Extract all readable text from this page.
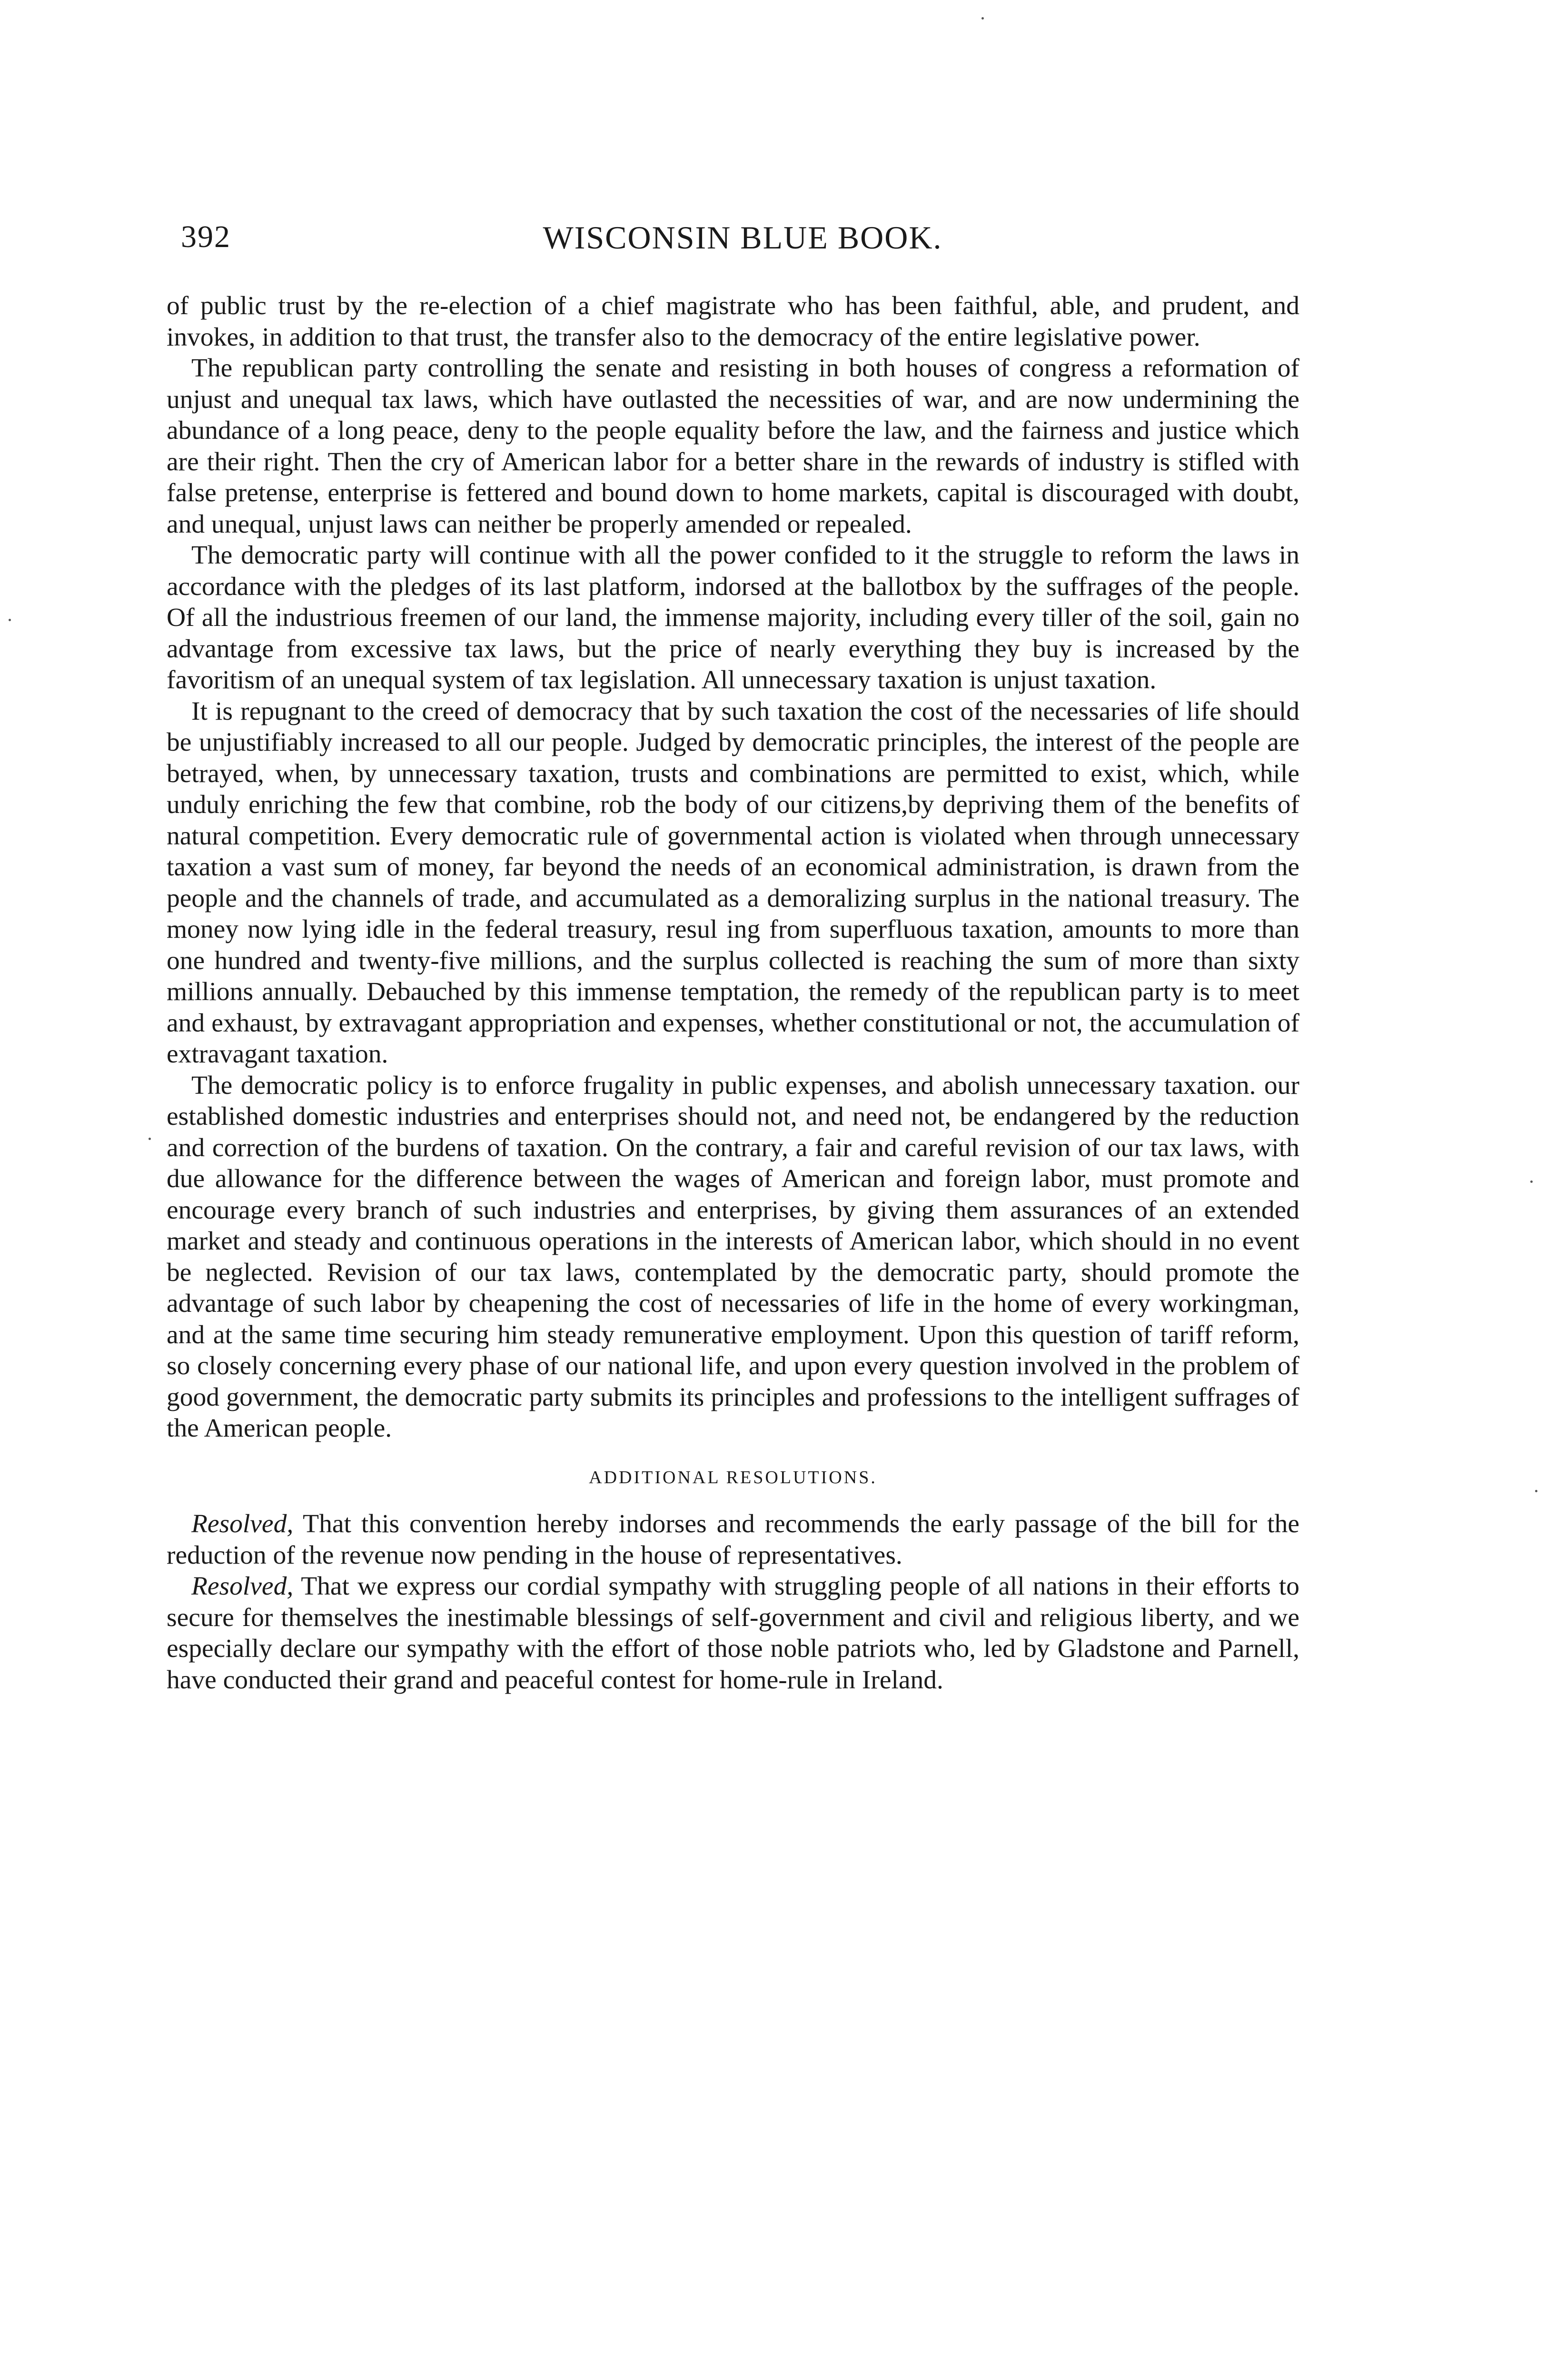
392	WISCONSIN BLUE BOOK.

of public trust by the re-election of a chief magistrate who has been faithful, able, and prudent, and invokes, in addition to that trust, the transfer also to the democracy of the entire legislative power.

The republican party controlling the senate and resisting in both houses of congress a reformation of unjust and unequal tax laws, which have outlasted the necessities of war, and are now undermining the abundance of a long peace, deny to the people equality before the law, and the fairness and justice which are their right. Then the cry of American labor for a better share in the rewards of industry is stifled with false pretense, enterprise is fettered and bound down to home markets, capital is discouraged with doubt, and unequal, unjust laws can neither be properly amended or repealed.

The democratic party will continue with all the power confided to it the struggle to reform the laws in accordance with the pledges of its last platform, indorsed at the ballotbox by the suffrages of the people. Of all the industrious freemen of our land, the immense majority, including every tiller of the soil, gain no advantage from excessive tax laws, but the price of nearly everything they buy is increased by the favoritism of an unequal system of tax legislation. All unnecessary taxation is unjust taxation.

It is repugnant to the creed of democracy that by such taxation the cost of the necessaries of life should be unjustifiably increased to all our people. Judged by democratic principles, the interest of the people are betrayed, when, by unnecessary taxation, trusts and combinations are permitted to exist, which, while unduly enriching the few that combine, rob the body of our citizens,by depriving them of the benefits of natural competition. Every democratic rule of governmental action is violated when through unnecessary taxation a vast sum of money, far beyond the needs of an economical administration, is drawn from the people and the channels of trade, and accumulated as a demoralizing surplus in the national treasury. The money now lying idle in the federal treasury, resul ing from superfluous taxation, amounts to more than one hundred and twenty-five millions, and the surplus collected is reaching the sum of more than sixty millions annually. Debauched by this immense temptation, the remedy of the republican party is to meet and exhaust, by extravagant appropriation and expenses, whether constitutional or not, the accumulation of extravagant taxation.

The democratic policy is to enforce frugality in public expenses, and abolish unnecessary taxation. our established domestic industries and enterprises should not, and need not, be endangered by the reduction and correction of the burdens of taxation. On the contrary, a fair and careful revision of our tax laws, with due allowance for the difference between the wages of American and foreign labor, must promote and encourage every branch of such industries and enterprises, by giving them assurances of an extended market and steady and continuous operations in the interests of American labor, which should in no event be neglected. Revision of our tax laws, contemplated by the democratic party, should promote the advantage of such labor by cheapening the cost of necessaries of life in the home of every workingman, and at the same time securing him steady remunerative employment. Upon this question of tariff reform, so closely concerning every phase of our national life, and upon every question involved in the problem of good government, the democratic party submits its principles and professions to the intelligent suffrages of the American people.

ADDITIONAL RESOLUTIONS.

Resolved, That this convention hereby indorses and recommends the early passage of the bill for the reduction of the revenue now pending in the house of representatives.

Resolved, That we express our cordial sympathy with struggling people of all nations in their efforts to secure for themselves the inestimable blessings of self-government and civil and religious liberty, and we especially declare our sympathy with the effort of those noble patriots who, led by Gladstone and Parnell, have conducted their grand and peaceful contest for home-rule in Ireland.
